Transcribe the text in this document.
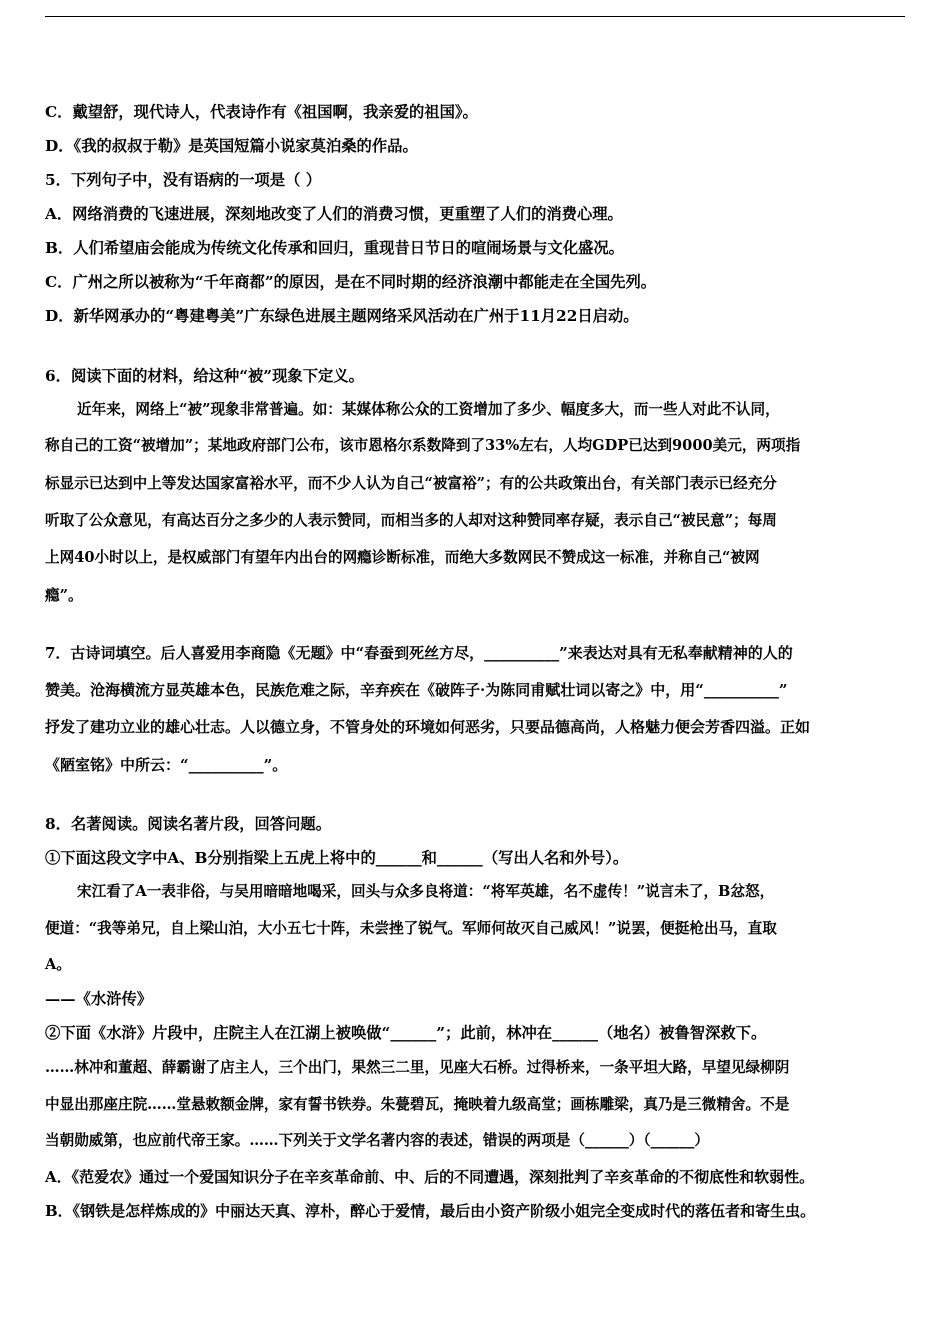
C．戴望舒，现代诗人，代表诗作有《祖国啊，我亲爱的祖国》。
D．《我的叔叔于勒》是英国短篇小说家莫泊桑的作品。
5．下列句子中，没有语病的一项是（ ）
A．网络消费的飞速进展，深刻地改变了人们的消费习惯，更重塑了人们的消费心理。
B．人们希望庙会能成为传统文化传承和回归，重现昔日节日的喧闹场景与文化盛况。
C．广州之所以被称为“千年商都”的原因，是在不同时期的经济浪潮中都能走在全国先列。
D．新华网承办的“粤建粤美”广东绿色进展主题网络采风活动在广州于11月22日启动。
6．阅读下面的材料，给这种“被”现象下定义。
近年来，网络上“被”现象非常普遍。如：某媒体称公众的工资增加了多少、幅度多大，而一些人对此不认同，
称自己的工资“被增加”；某地政府部门公布，该市恩格尔系数降到了33%左右，人均GDP已达到9000美元，两项指
标显示已达到中上等发达国家富裕水平，而不少人认为自己“被富裕”；有的公共政策出台，有关部门表示已经充分
听取了公众意见，有高达百分之多少的人表示赞同，而相当多的人却对这种赞同率存疑，表示自己“被民意”；每周
上网40小时以上，是权威部门有望年内出台的网瘾诊断标准，而绝大多数网民不赞成这一标准，并称自己“被网
瘾”。
7．古诗词填空。后人喜爱用李商隐《无题》中“春蚕到死丝方尽，__________”来表达对具有无私奉献精神的人的
赞美。沧海横流方显英雄本色，民族危难之际，辛弃疾在《破阵子·为陈同甫赋壮词以寄之》中，用“__________”
抒发了建功立业的雄心壮志。人以德立身，不管身处的环境如何恶劣，只要品德高尚，人格魅力便会芳香四溢。正如
《陋室铭》中所云：“__________”。
8．名著阅读。阅读名著片段，回答问题。
①下面这段文字中A、B分别指梁上五虎上将中的______和______（写出人名和外号）。
宋江看了A一表非俗，与吴用暗暗地喝采，回头与众多良将道：“将军英雄，名不虚传！”说言未了，B忿怒，
便道：“我等弟兄，自上梁山泊，大小五七十阵，未尝挫了锐气。军师何故灭自己威风！”说罢，便挺枪出马，直取
A。
——《水浒传》
②下面《水浒》片段中，庄院主人在江湖上被唤做“______”；此前，林冲在______（地名）被鲁智深救下。
……林冲和董超、薛霸谢了店主人，三个出门，果然三二里，见座大石桥。过得桥来，一条平坦大路，早望见绿柳阴
中显出那座庄院……堂悬敕额金牌，家有誓书铁券。朱甍碧瓦，掩映着九级高堂；画栋雕梁，真乃是三微精舍。不是
当朝勋威第，也应前代帝王家。……下列关于文学名著内容的表述，错误的两项是（______）（______）
A．《范爱农》通过一个爱国知识分子在辛亥革命前、中、后的不同遭遇，深刻批判了辛亥革命的不彻底性和软弱性。
B．《钢铁是怎样炼成的》中丽达天真、淳朴，醉心于爱情，最后由小资产阶级小姐完全变成时代的落伍者和寄生虫。
